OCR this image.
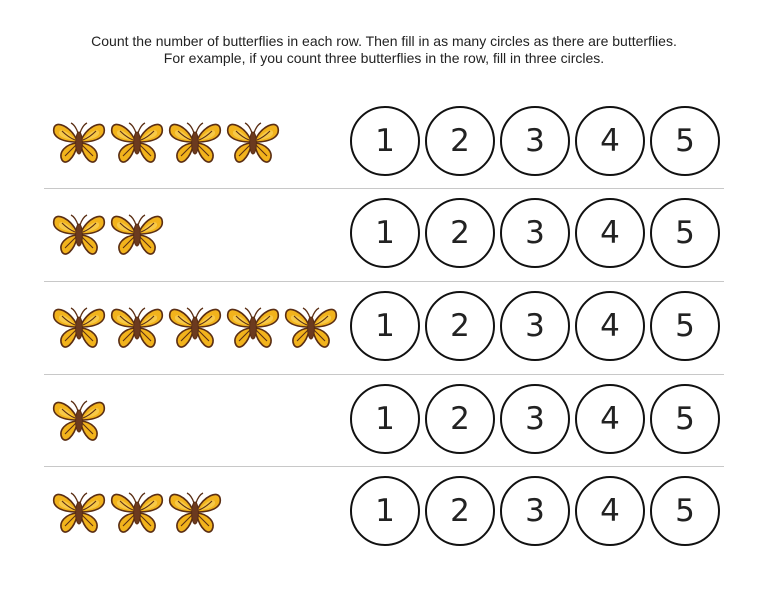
Count the number of butterflies in each row. Then fill in as many circles as there are butterflies.

For example, if you count three butterflies in the row, fill in three circles.

1	2	3	4	5
1	2	3	4	5
1	2	3	4	5
1	2	3	4	5
1	2	3	4	5
